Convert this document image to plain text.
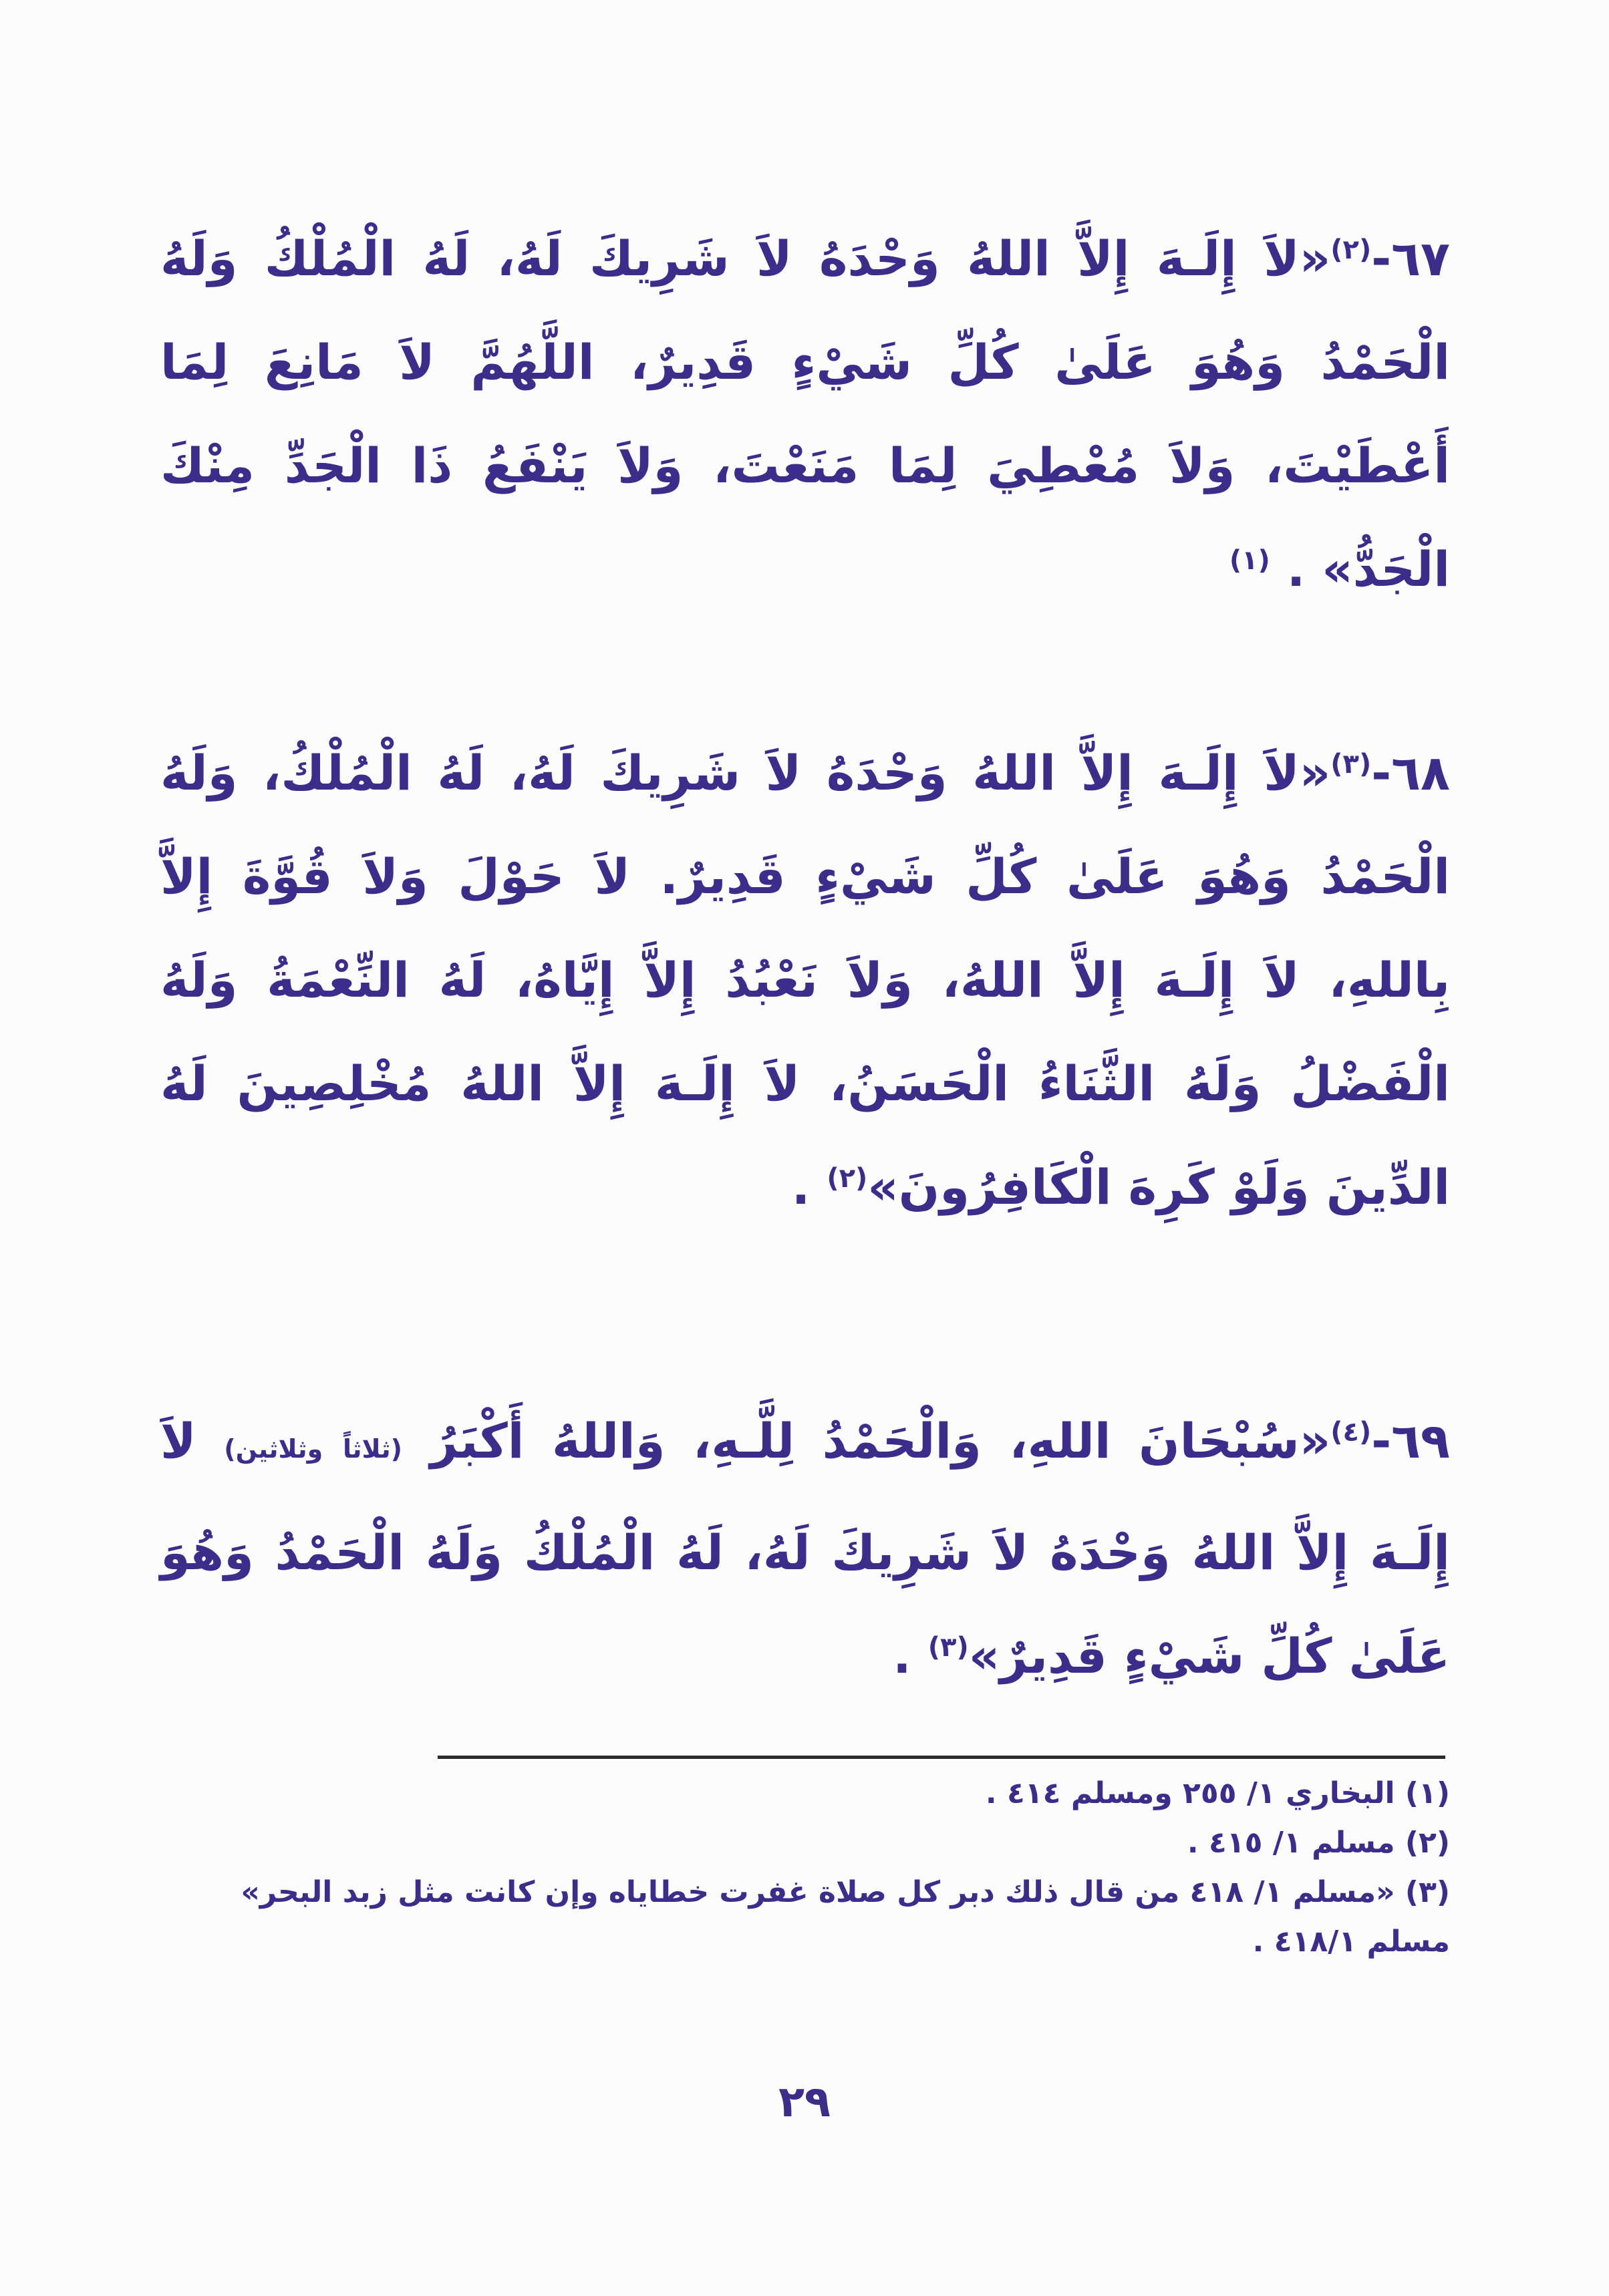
٦٧-$^{(٢)}$«لاَ إِلَـهَ إِلاَّ اللهُ وَحْدَهُ لاَ شَرِيكَ لَهُ، لَهُ الْمُلْكُ وَلَهُ الْحَمْدُ وَهُوَ عَلَىٰ كُلِّ شَيْءٍ قَدِيرٌ، اللَّهُمَّ لاَ مَانِعَ لِمَا أَعْطَيْتَ، وَلاَ مُعْطِيَ لِمَا مَنَعْتَ، وَلاَ يَنْفَعُ ذَا الْجَدِّ مِنْكَ الْجَدُّ» . $^{(١)}$
٦٨-$^{(٣)}$«لاَ إِلَـهَ إِلاَّ اللهُ وَحْدَهُ لاَ شَرِيكَ لَهُ، لَهُ الْمُلْكُ، وَلَهُ الْحَمْدُ وَهُوَ عَلَىٰ كُلِّ شَيْءٍ قَدِيرٌ. لاَ حَوْلَ وَلاَ قُوَّةَ إِلاَّ بِاللهِ، لاَ إِلَـهَ إِلاَّ اللهُ، وَلاَ نَعْبُدُ إِلاَّ إِيَّاهُ، لَهُ النِّعْمَةُ وَلَهُ الْفَضْلُ وَلَهُ الثَّنَاءُ الْحَسَنُ، لاَ إِلَـهَ إِلاَّ اللهُ مُخْلِصِينَ لَهُ الدِّينَ وَلَوْ كَرِهَ الْكَافِرُونَ»$^{(٢)}$ .
٦٩-$^{(٤)}$«سُبْحَانَ اللهِ، وَالْحَمْدُ لِلَّـهِ، وَاللهُ أَكْبَرُ (ثلاثاً وثلاثين) لاَ إِلَـهَ إِلاَّ اللهُ وَحْدَهُ لاَ شَرِيكَ لَهُ، لَهُ الْمُلْكُ وَلَهُ الْحَمْدُ وَهُوَ عَلَىٰ كُلِّ شَيْءٍ قَدِيرٌ»$^{(٣)}$ .

(١) البخاري ١/ ٢٥٥ ومسلم ٤١٤ .

(٢) مسلم ١/ ٤١٥ .

(٣) «مسلم ١/ ٤١٨ من قال ذلك دبر كل صلاة غفرت خطاياه وإن كانت مثل زبد البحر» مسلم ٤١٨/١ .

٢٩
